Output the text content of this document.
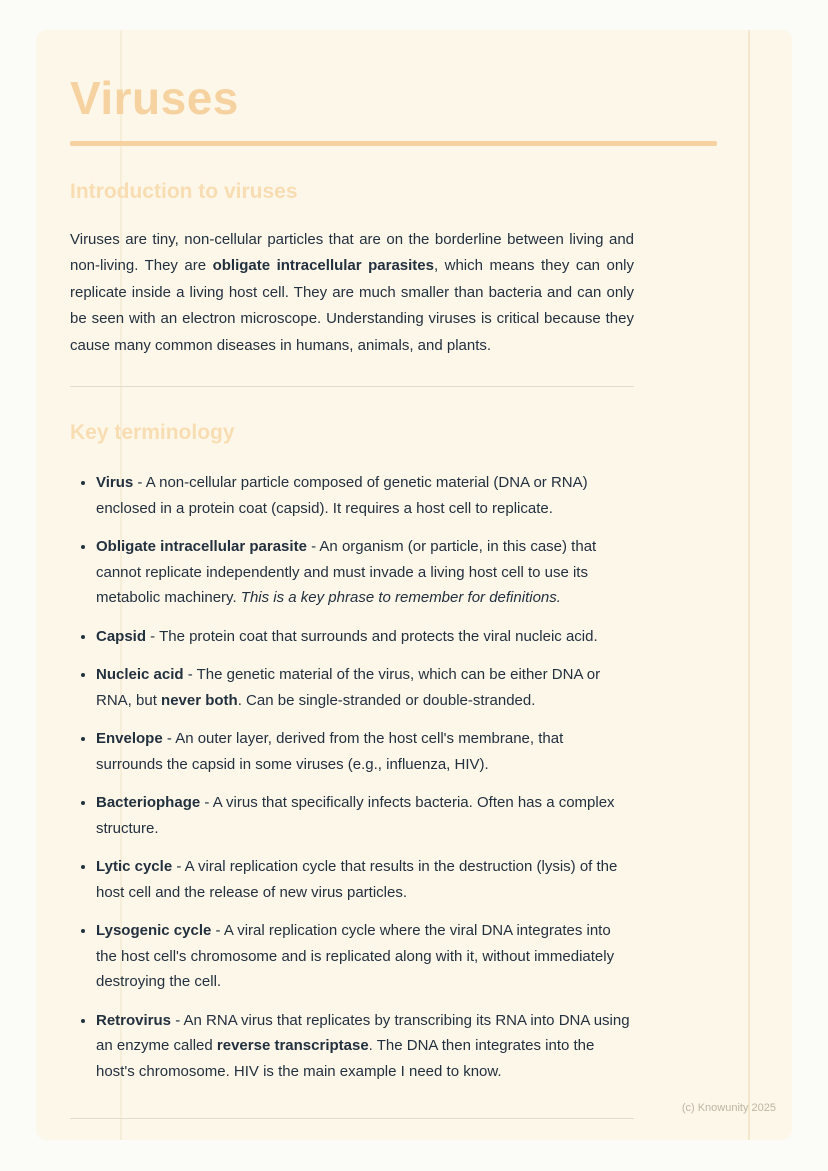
Viruses
Introduction to viruses

Viruses are tiny, non-cellular particles that are on the borderline between living and non-living. They are obligate intracellular parasites, which means they can only replicate inside a living host cell. They are much smaller than bacteria and can only be seen with an electron microscope. Understanding viruses is critical because they cause many common diseases in humans, animals, and plants.

Key terminology
• Virus - A non-cellular particle composed of genetic material (DNA or RNA) enclosed in a protein coat (capsid). It requires a host cell to replicate.
• Obligate intracellular parasite - An organism (or particle, in this case) that cannot replicate independently and must invade a living host cell to use its metabolic machinery. This is a key phrase to remember for definitions.
• Capsid - The protein coat that surrounds and protects the viral nucleic acid.
• Nucleic acid - The genetic material of the virus, which can be either DNA or RNA, but never both. Can be single-stranded or double-stranded.
• Envelope - An outer layer, derived from the host cell's membrane, that surrounds the capsid in some viruses (e.g., influenza, HIV).
• Bacteriophage - A virus that specifically infects bacteria. Often has a complex structure.
• Lytic cycle - A viral replication cycle that results in the destruction (lysis) of the host cell and the release of new virus particles.
• Lysogenic cycle - A viral replication cycle where the viral DNA integrates into the host cell's chromosome and is replicated along with it, without immediately destroying the cell.
• Retrovirus - An RNA virus that replicates by transcribing its RNA into DNA using an enzyme called reverse transcriptase. The DNA then integrates into the host's chromosome. HIV is the main example I need to know.
(c) Knowunity 2025
